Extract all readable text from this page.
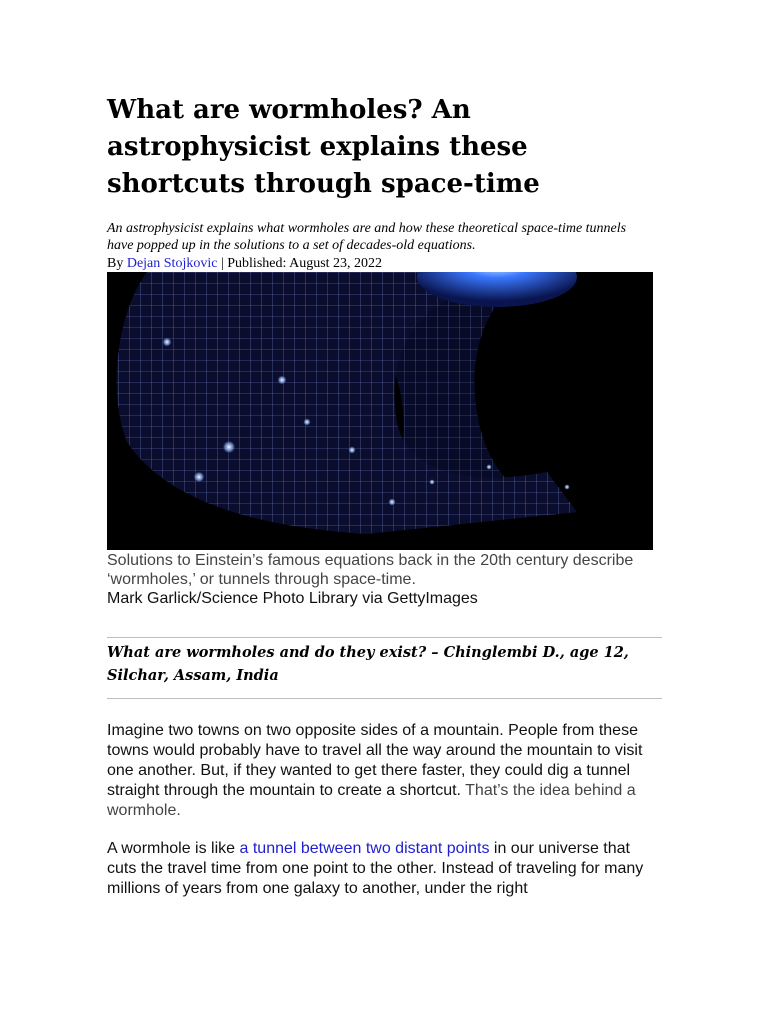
What are wormholes? An astrophysicist explains these shortcuts through space-time
An astrophysicist explains what wormholes are and how these theoretical space-time tunnels have popped up in the solutions to a set of decades-old equations.
By Dejan Stojkovic | Published: August 23, 2022
Solutions to Einstein’s famous equations back in the 20th century describe ‘wormholes,’ or tunnels through space-time.
Mark Garlick/Science Photo Library via GettyImages
What are wormholes and do they exist? – Chinglembi D., age 12, Silchar, Assam, India
Imagine two towns on two opposite sides of a mountain. People from these towns would probably have to travel all the way around the mountain to visit one another. But, if they wanted to get there faster, they could dig a tunnel straight through the mountain to create a shortcut. That’s the idea behind a wormhole.
A wormhole is like a tunnel between two distant points in our universe that cuts the travel time from one point to the other. Instead of traveling for many millions of years from one galaxy to another, under the right
